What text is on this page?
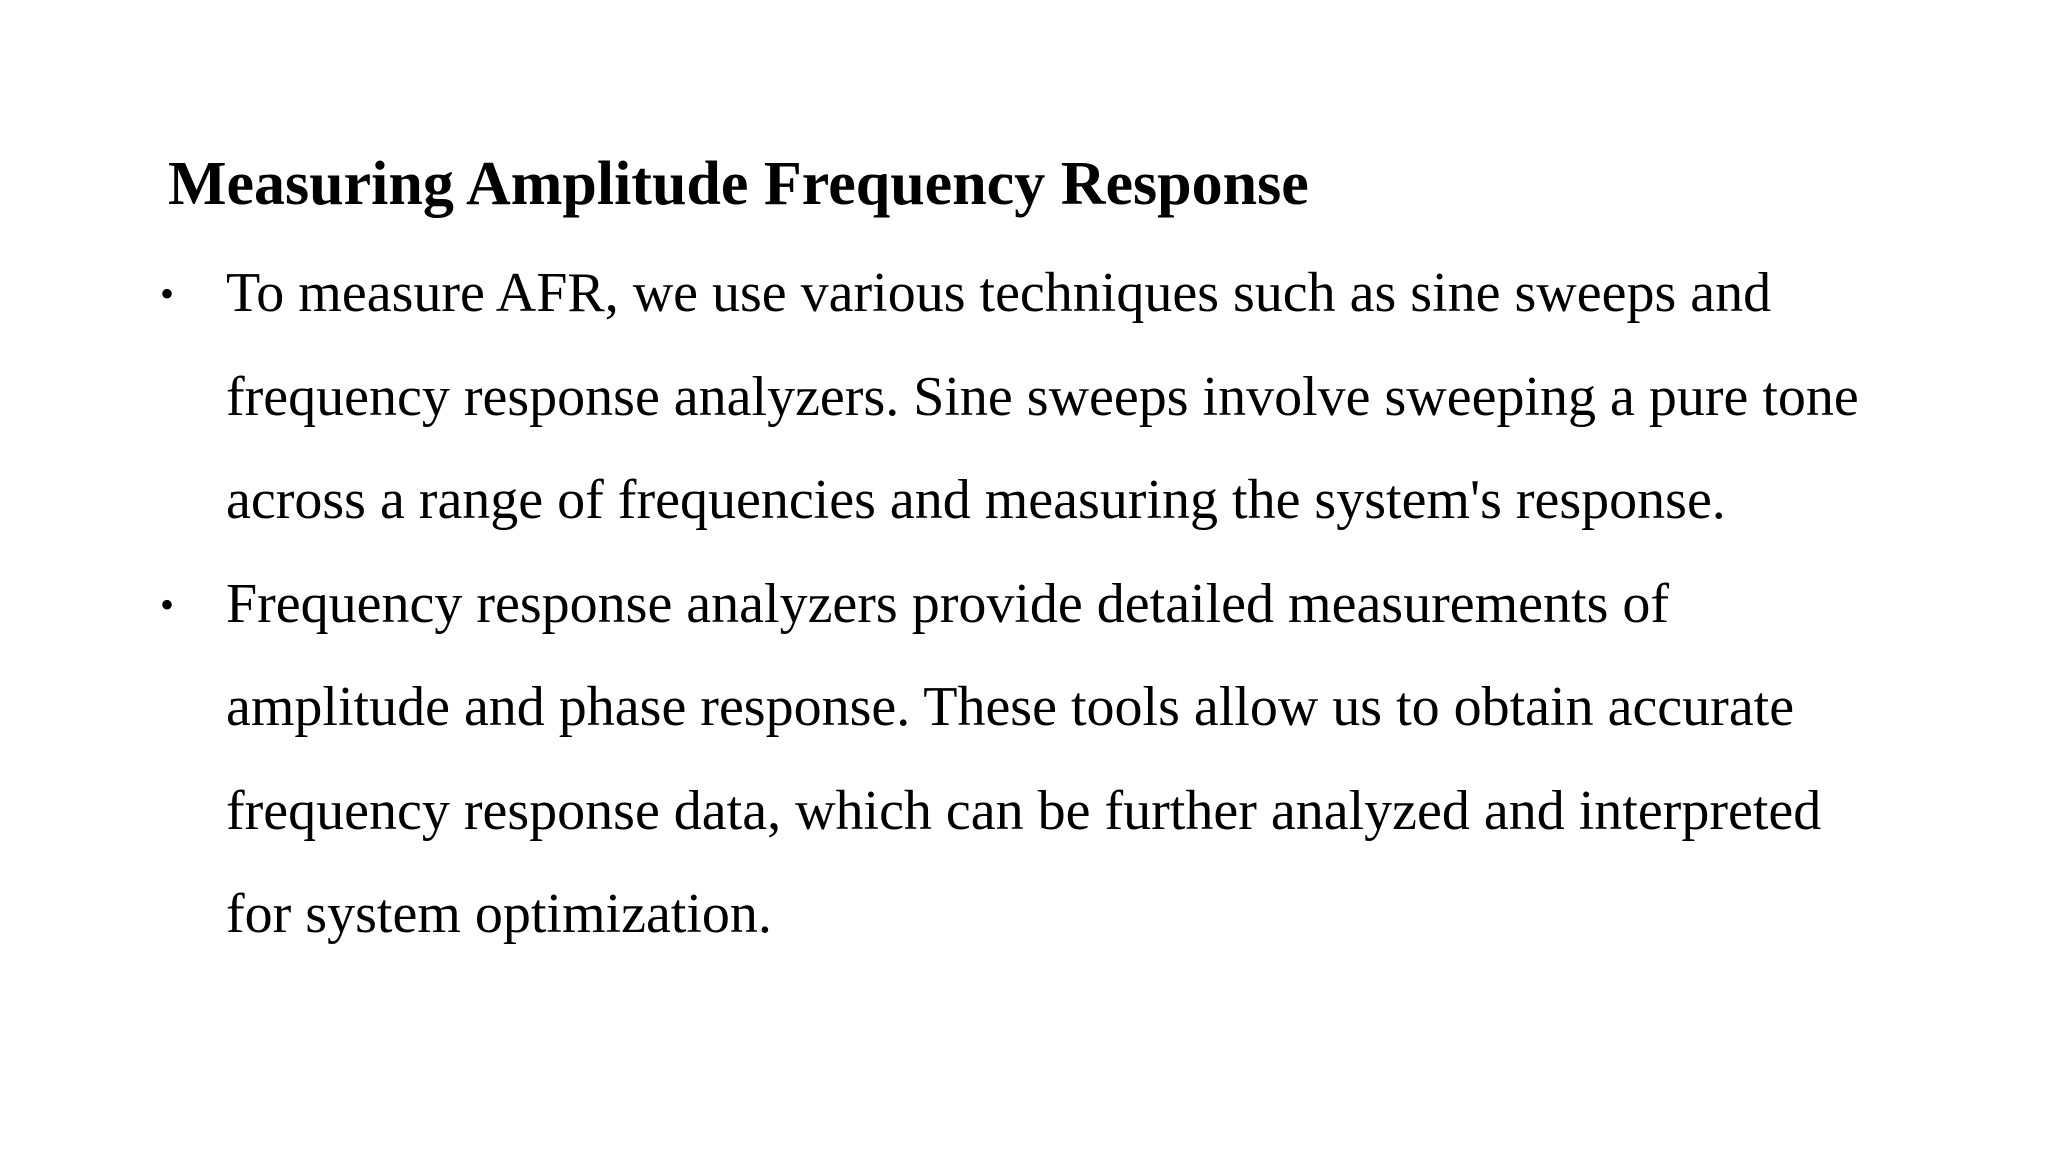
Measuring Amplitude Frequency Response
• To measure AFR, we use various techniques such as sine sweeps and frequency response analyzers. Sine sweeps involve sweeping a pure tone across a range of frequencies and measuring the system's response.
• Frequency response analyzers provide detailed measurements of amplitude and phase response. These tools allow us to obtain accurate frequency response data, which can be further analyzed and interpreted for system optimization.
